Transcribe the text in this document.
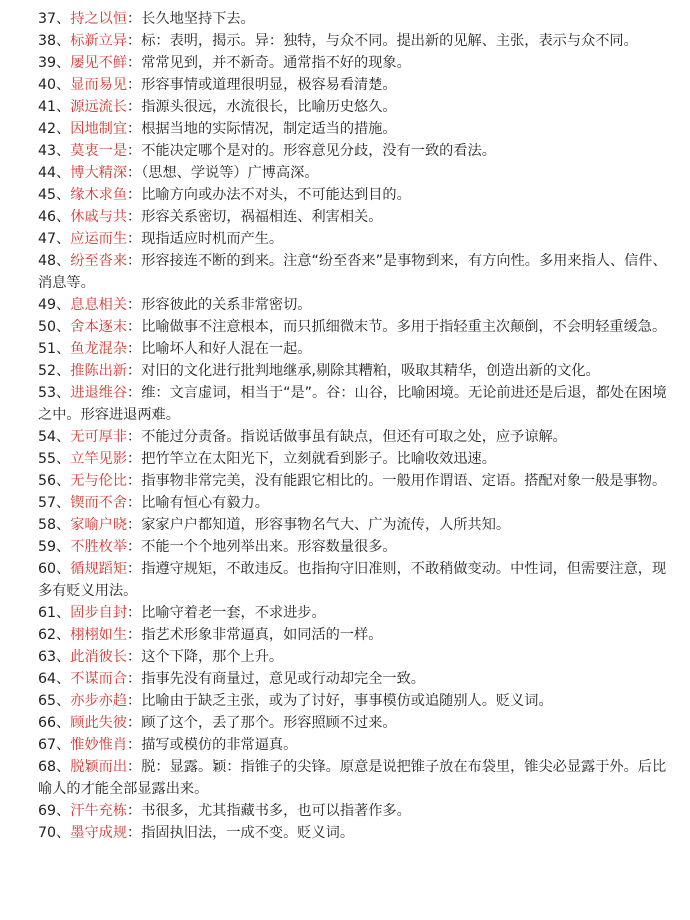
37、持之以恒：长久地坚持下去。

38、标新立异：标：表明，揭示。异：独特，与众不同。提出新的见解、主张，表示与众不同。

39、屡见不鲜：常常见到，并不新奇。通常指不好的现象。

40、显而易见：形容事情或道理很明显，极容易看清楚。

41、源远流长：指源头很远，水流很长，比喻历史悠久。

42、因地制宜：根据当地的实际情况，制定适当的措施。

43、莫衷一是：不能决定哪个是对的。形容意见分歧，没有一致的看法。

44、博大精深：（思想、学说等）广博高深。

45、缘木求鱼：比喻方向或办法不对头，不可能达到目的。

46、休戚与共：形容关系密切，祸福相连、利害相关。

47、应运而生：现指适应时机而产生。

48、纷至沓来：形容接连不断的到来。注意“纷至沓来”是事物到来，有方向性。多用来指人、信件、消息等。

49、息息相关：形容彼此的关系非常密切。

50、舍本逐末：比喻做事不注意根本，而只抓细微末节。多用于指轻重主次颠倒，不会明轻重缓急。

51、鱼龙混杂：比喻坏人和好人混在一起。

52、推陈出新：对旧的文化进行批判地继承,剔除其糟粕，吸取其精华，创造出新的文化。

53、进退维谷：维：文言虚词，相当于“是”。谷：山谷，比喻困境。无论前进还是后退，都处在困境之中。形容进退两难。

54、无可厚非：不能过分责备。指说话做事虽有缺点，但还有可取之处，应予谅解。

55、立竿见影：把竹竿立在太阳光下，立刻就看到影子。比喻收效迅速。

56、无与伦比：指事物非常完美，没有能跟它相比的。一般用作谓语、定语。搭配对象一般是事物。

57、锲而不舍：比喻有恒心有毅力。

58、家喻户晓：家家户户都知道，形容事物名气大、广为流传，人所共知。

59、不胜枚举：不能一个个地列举出来。形容数量很多。

60、循规蹈矩：指遵守规矩，不敢违反。也指拘守旧准则，不敢稍做变动。中性词，但需要注意，现多有贬义用法。

61、固步自封：比喻守着老一套，不求进步。

62、栩栩如生：指艺术形象非常逼真，如同活的一样。

63、此消彼长：这个下降，那个上升。

64、不谋而合：指事先没有商量过，意见或行动却完全一致。

65、亦步亦趋：比喻由于缺乏主张，或为了讨好，事事模仿或追随别人。贬义词。

66、顾此失彼：顾了这个，丢了那个。形容照顾不过来。

67、惟妙惟肖：描写或模仿的非常逼真。

68、脱颖而出：脱：显露。颖：指锥子的尖锋。原意是说把锥子放在布袋里，锥尖必显露于外。后比喻人的才能全部显露出来。

69、汗牛充栋：书很多，尤其指藏书多，也可以指著作多。

70、墨守成规：指固执旧法，一成不变。贬义词。
